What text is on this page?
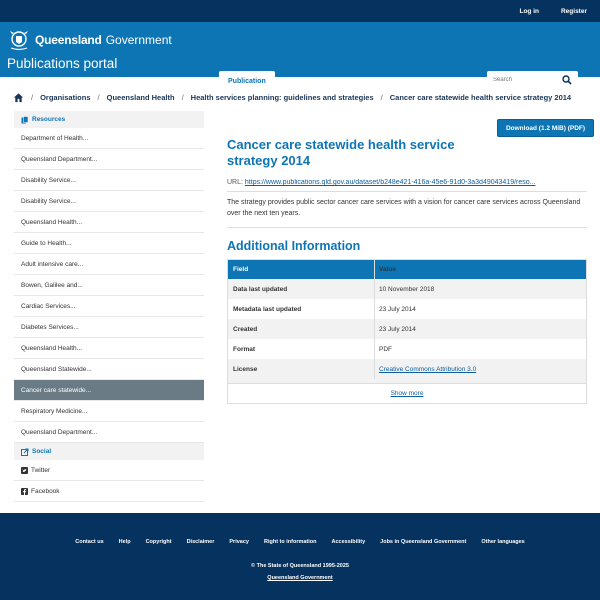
Log in	Register
Queensland Government
Publications portal
Publication	Standards	Organisations	Gazettes	Contact
Search
/ Organisations / Queensland Health / Health services planning: guidelines and strategies / Cancer care statewide health service strategy 2014
Resources
Department of Health...
Queensland Department...
Disability Service...
Disability Service...
Queensland Health...
Guide to Health...
Adult intensive care...
Bowen, Galilee and...
Cardiac Services...
Diabetes Services...
Queensland Health...
Queensland Statewide...
Cancer care statewide...
Respiratory Medicine...
Queensland Department...
Social
Twitter
Facebook
Download (1.2 MiB) (PDF)
Cancer care statewide health service strategy 2014
URL: https://www.publications.qld.gov.au/dataset/b248e421-416a-45e6-91d0-3a3d49043419/reso...
The strategy provides public sector cancer care services with a vision for cancer care services across Queensland over the next ten years.
Additional Information
Field	Value
Data last updated	10 November 2018
Metadata last updated	23 July 2014
Created	23 July 2014
Format	PDF
License	Creative Commons Attribution 3.0
Show more
Contact us	Help	Copyright	Disclaimer	Privacy	Right to information	Accessibility	Jobs in Queensland Government	Other languages
© The State of Queensland 1995-2025
Queensland Government
